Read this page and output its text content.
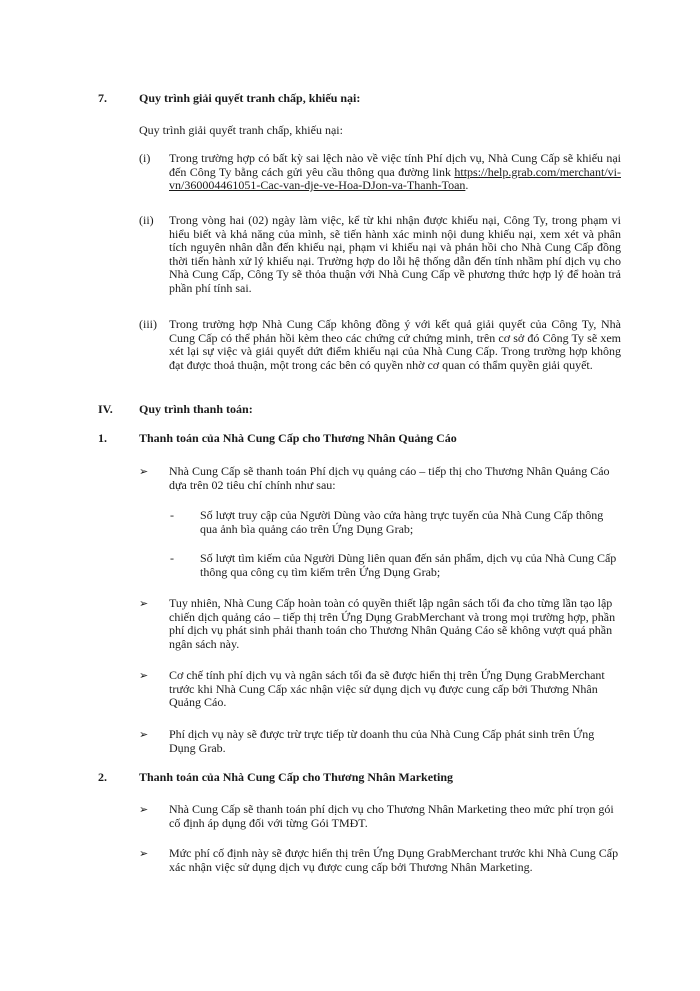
7.	Quy trình giải quyết tranh chấp, khiếu nại:
Quy trình giải quyết tranh chấp, khiếu nại:
(i) Trong trường hợp có bất kỳ sai lệch nào về việc tính Phí dịch vụ, Nhà Cung Cấp sẽ khiếu nại đến Công Ty bằng cách gửi yêu cầu thông qua đường link https://help.grab.com/merchant/vi-vn/360004461051-Cac-van-dje-ve-Hoa-DJon-va-Thanh-Toan.
(ii) Trong vòng hai (02) ngày làm việc, kể từ khi nhận được khiếu nại, Công Ty, trong phạm vi hiểu biết và khả năng của mình, sẽ tiến hành xác minh nội dung khiếu nại, xem xét và phân tích nguyên nhân dẫn đến khiếu nại, phạm vi khiếu nại và phản hồi cho Nhà Cung Cấp đồng thời tiến hành xử lý khiếu nại. Trường hợp do lỗi hệ thống dẫn đến tính nhầm phí dịch vụ cho Nhà Cung Cấp, Công Ty sẽ thỏa thuận với Nhà Cung Cấp về phương thức hợp lý để hoàn trả phần phí tính sai.
(iii) Trong trường hợp Nhà Cung Cấp không đồng ý với kết quả giải quyết của Công Ty, Nhà Cung Cấp có thể phản hồi kèm theo các chứng cứ chứng minh, trên cơ sở đó Công Ty sẽ xem xét lại sự việc và giải quyết dứt điểm khiếu nại của Nhà Cung Cấp. Trong trường hợp không đạt được thoả thuận, một trong các bên có quyền nhờ cơ quan có thẩm quyền giải quyết.
IV. Quy trình thanh toán:
1.	Thanh toán của Nhà Cung Cấp cho Thương Nhân Quảng Cáo
➢ Nhà Cung Cấp sẽ thanh toán Phí dịch vụ quảng cáo – tiếp thị cho Thương Nhân Quảng Cáo dựa trên 02 tiêu chí chính như sau:
- Số lượt truy cập của Người Dùng vào cửa hàng trực tuyến của Nhà Cung Cấp thông qua ảnh bìa quảng cáo trên Ứng Dụng Grab;
- Số lượt tìm kiếm của Người Dùng liên quan đến sản phẩm, dịch vụ của Nhà Cung Cấp thông qua công cụ tìm kiếm trên Ứng Dụng Grab;
➢ Tuy nhiên, Nhà Cung Cấp hoàn toàn có quyền thiết lập ngân sách tối đa cho từng lần tạo lập chiến dịch quảng cáo – tiếp thị trên Ứng Dụng GrabMerchant và trong mọi trường hợp, phần phí dịch vụ phát sinh phải thanh toán cho Thương Nhân Quảng Cáo sẽ không vượt quá phần ngân sách này.
➢ Cơ chế tính phí dịch vụ và ngân sách tối đa sẽ được hiển thị trên Ứng Dụng GrabMerchant trước khi Nhà Cung Cấp xác nhận việc sử dụng dịch vụ được cung cấp bởi Thương Nhân Quảng Cáo.
➢ Phí dịch vụ này sẽ được trừ trực tiếp từ doanh thu của Nhà Cung Cấp phát sinh trên Ứng Dụng Grab.
2.	Thanh toán của Nhà Cung Cấp cho Thương Nhân Marketing
➢ Nhà Cung Cấp sẽ thanh toán phí dịch vụ cho Thương Nhân Marketing theo mức phí trọn gói cố định áp dụng đối với từng Gói TMĐT.
➢ Mức phí cố định này sẽ được hiển thị trên Ứng Dụng GrabMerchant trước khi Nhà Cung Cấp xác nhận việc sử dụng dịch vụ được cung cấp bởi Thương Nhân Marketing.
